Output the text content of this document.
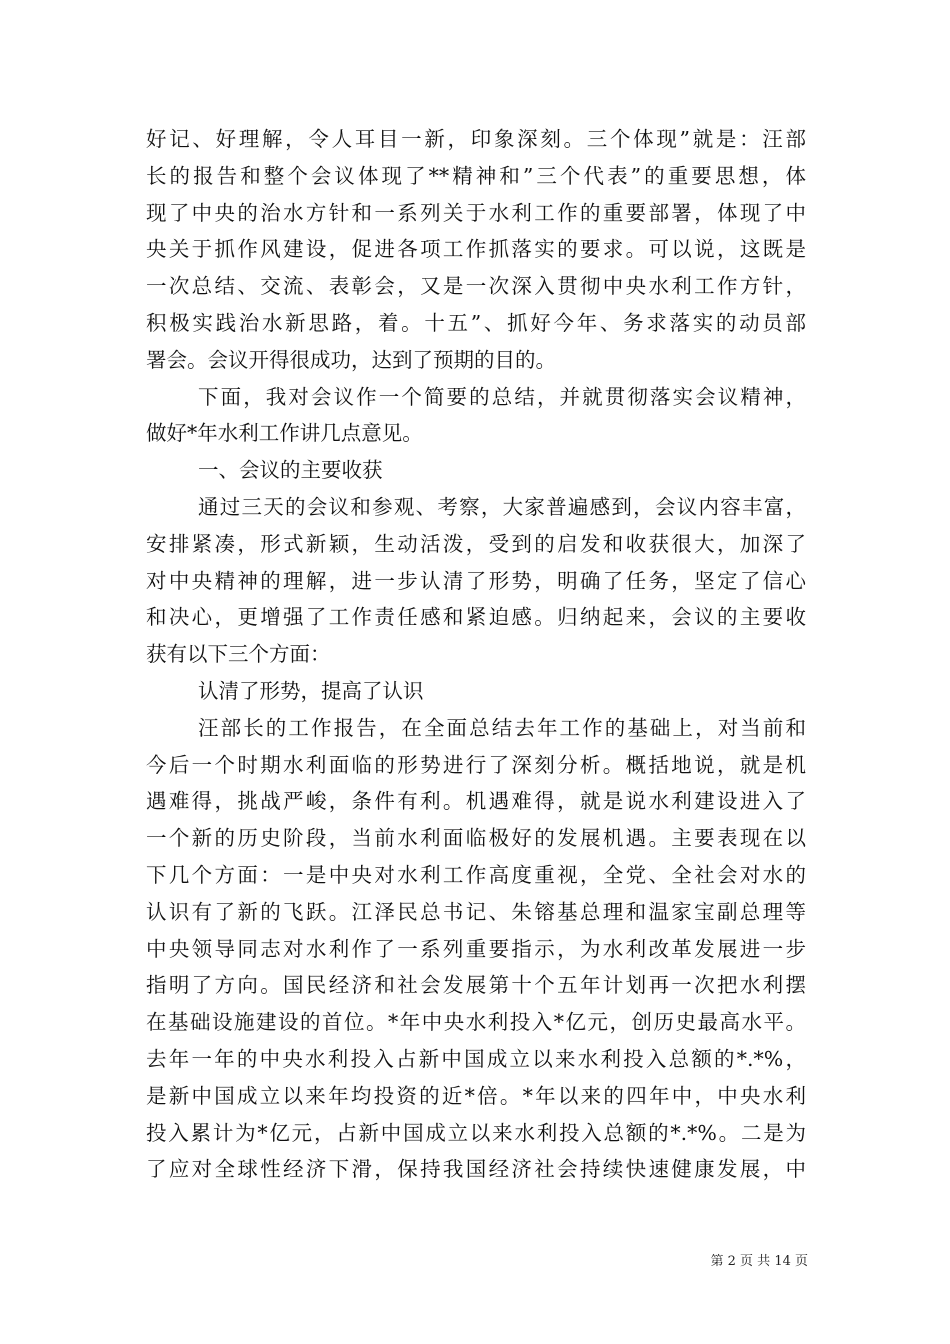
好记、好理解，令人耳目一新，印象深刻。三个体现”就是：汪部
长的报告和整个会议体现了**精神和”三个代表”的重要思想，体
现了中央的治水方针和一系列关于水利工作的重要部署，体现了中
央关于抓作风建设，促进各项工作抓落实的要求。可以说，这既是
一次总结、交流、表彰会，又是一次深入贯彻中央水利工作方针，
积极实践治水新思路，着。十五”、抓好今年、务求落实的动员部
署会。会议开得很成功，达到了预期的目的。
下面，我对会议作一个简要的总结，并就贯彻落实会议精神，
做好*年水利工作讲几点意见。
一、会议的主要收获
通过三天的会议和参观、考察，大家普遍感到，会议内容丰富，
安排紧凑，形式新颖，生动活泼，受到的启发和收获很大，加深了
对中央精神的理解，进一步认清了形势，明确了任务，坚定了信心
和决心，更增强了工作责任感和紧迫感。归纳起来，会议的主要收
获有以下三个方面：
认清了形势，提高了认识
汪部长的工作报告，在全面总结去年工作的基础上，对当前和
今后一个时期水利面临的形势进行了深刻分析。概括地说，就是机
遇难得，挑战严峻，条件有利。机遇难得，就是说水利建设进入了
一个新的历史阶段，当前水利面临极好的发展机遇。主要表现在以
下几个方面：一是中央对水利工作高度重视，全党、全社会对水的
认识有了新的飞跃。江泽民总书记、朱镕基总理和温家宝副总理等
中央领导同志对水利作了一系列重要指示，为水利改革发展进一步
指明了方向。国民经济和社会发展第十个五年计划再一次把水利摆
在基础设施建设的首位。*年中央水利投入*亿元，创历史最高水平。
去年一年的中央水利投入占新中国成立以来水利投入总额的*.*%，
是新中国成立以来年均投资的近*倍。*年以来的四年中，中央水利
投入累计为*亿元，占新中国成立以来水利投入总额的*.*%。二是为
了应对全球性经济下滑，保持我国经济社会持续快速健康发展，中
第 2 页 共 14 页
